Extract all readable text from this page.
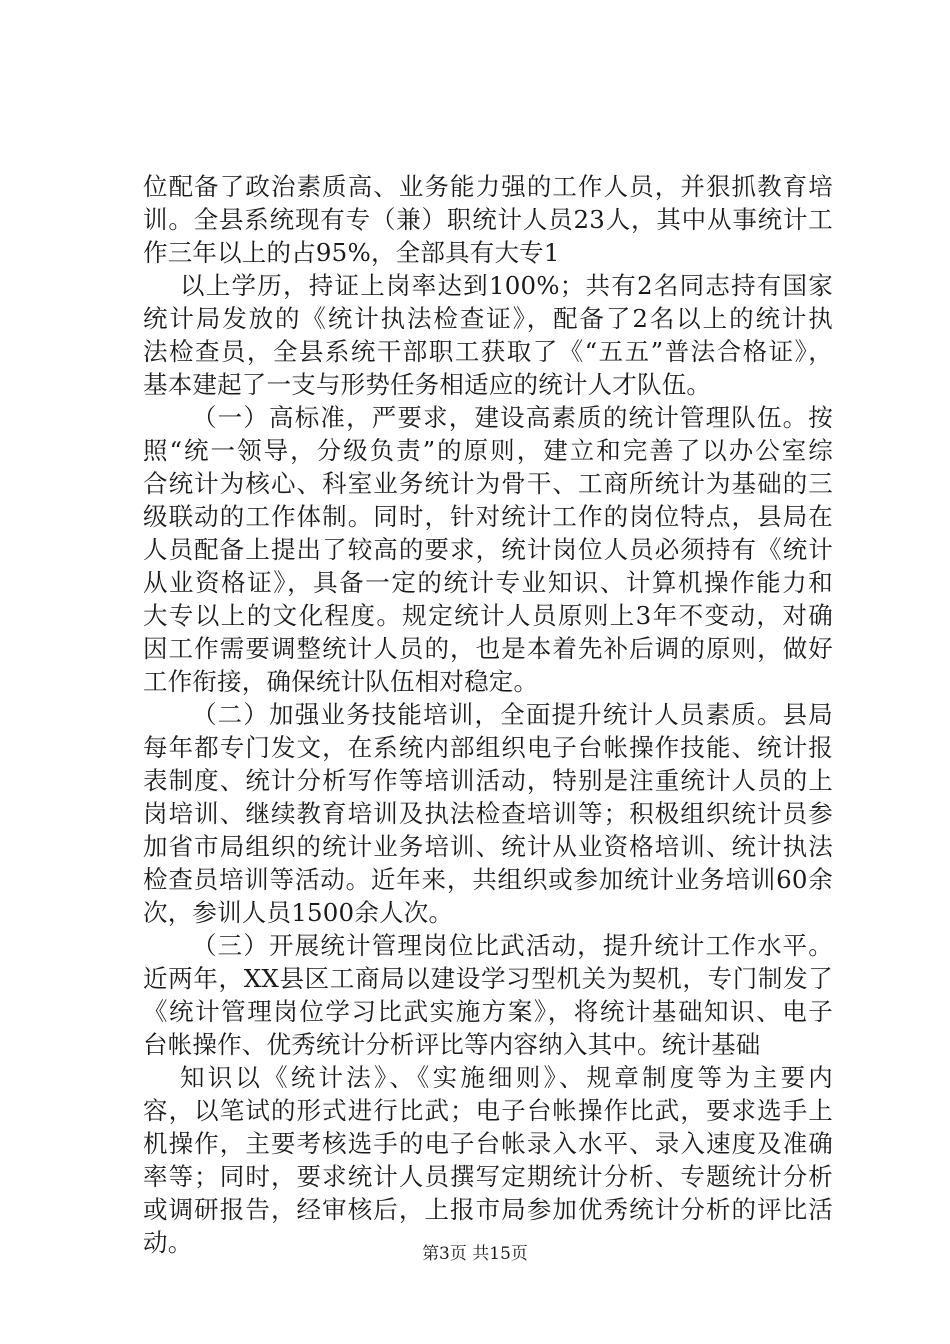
位配备了政治素质高、业务能力强的工作人员，并狠抓教育培
训。全县系统现有专（兼）职统计人员23人，其中从事统计工
作三年以上的占95%，全部具有大专1
以上学历，持证上岗率达到100%；共有2名同志持有国家
统计局发放的《统计执法检查证》，配备了2名以上的统计执
法检查员，全县系统干部职工获取了《“五五”普法合格证》，
基本建起了一支与形势任务相适应的统计人才队伍。
（一）高标准，严要求，建设高素质的统计管理队伍。按
照“统一领导，分级负责”的原则，建立和完善了以办公室综
合统计为核心、科室业务统计为骨干、工商所统计为基础的三
级联动的工作体制。同时，针对统计工作的岗位特点，县局在
人员配备上提出了较高的要求，统计岗位人员必须持有《统计
从业资格证》，具备一定的统计专业知识、计算机操作能力和
大专以上的文化程度。规定统计人员原则上3年不变动，对确
因工作需要调整统计人员的，也是本着先补后调的原则，做好
工作衔接，确保统计队伍相对稳定。
（二）加强业务技能培训，全面提升统计人员素质。县局
每年都专门发文，在系统内部组织电子台帐操作技能、统计报
表制度、统计分析写作等培训活动，特别是注重统计人员的上
岗培训、继续教育培训及执法检查培训等；积极组织统计员参
加省市局组织的统计业务培训、统计从业资格培训、统计执法
检查员培训等活动。近年来，共组织或参加统计业务培训60余
次，参训人员1500余人次。
（三）开展统计管理岗位比武活动，提升统计工作水平。
近两年，XX县区工商局以建设学习型机关为契机，专门制发了
《统计管理岗位学习比武实施方案》，将统计基础知识、电子
台帐操作、优秀统计分析评比等内容纳入其中。统计基础
知识以《统计法》、《实施细则》、规章制度等为主要内
容，以笔试的形式进行比武；电子台帐操作比武，要求选手上
机操作，主要考核选手的电子台帐录入水平、录入速度及准确
率等；同时，要求统计人员撰写定期统计分析、专题统计分析
或调研报告，经审核后，上报市局参加优秀统计分析的评比活
动。	第3页 共15页
